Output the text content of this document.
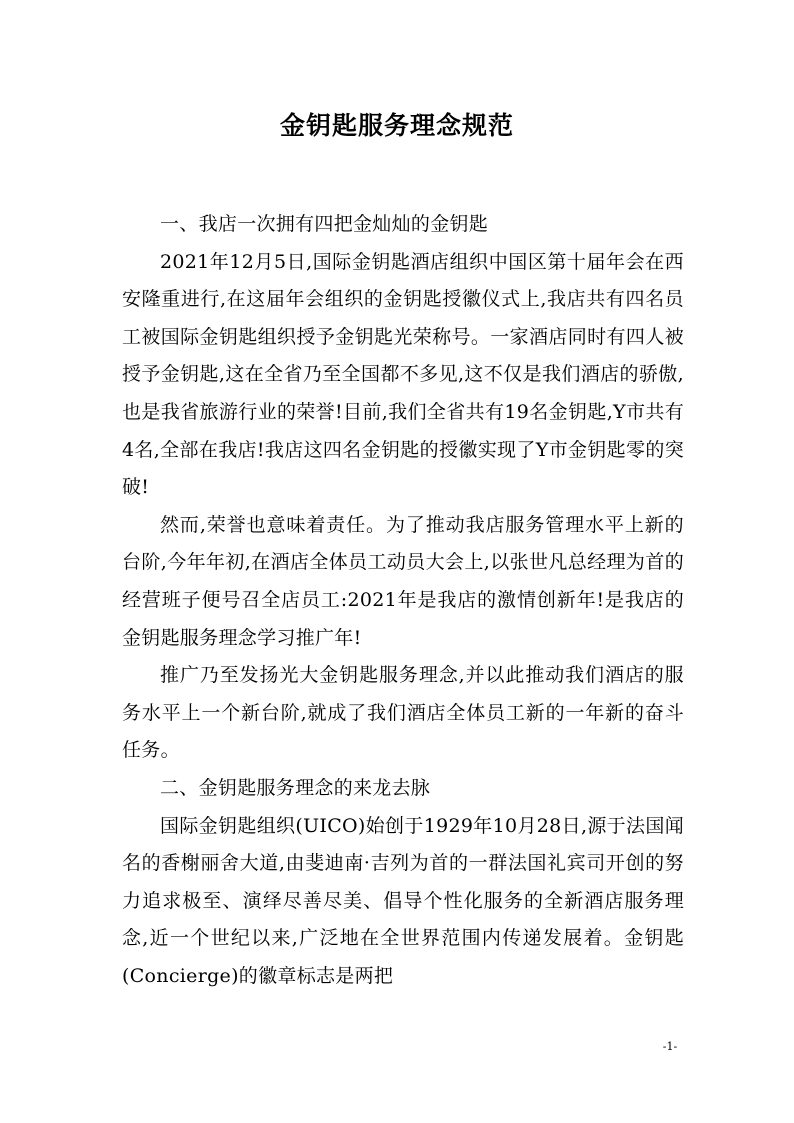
金钥匙服务理念规范

一、我店一次拥有四把金灿灿的金钥匙

2021年12月5日,国际金钥匙酒店组织中国区第十届年会在西安隆重进行,在这届年会组织的金钥匙授徽仪式上,我店共有四名员工被国际金钥匙组织授予金钥匙光荣称号。一家酒店同时有四人被授予金钥匙,这在全省乃至全国都不多见,这不仅是我们酒店的骄傲,也是我省旅游行业的荣誉!目前,我们全省共有19名金钥匙,Y市共有4名,全部在我店!我店这四名金钥匙的授徽实现了Y市金钥匙零的突破!

然而,荣誉也意味着责任。为了推动我店服务管理水平上新的台阶,今年年初,在酒店全体员工动员大会上,以张世凡总经理为首的经营班子便号召全店员工:2021年是我店的激情创新年!是我店的金钥匙服务理念学习推广年!

推广乃至发扬光大金钥匙服务理念,并以此推动我们酒店的服务水平上一个新台阶,就成了我们酒店全体员工新的一年新的奋斗任务。

二、金钥匙服务理念的来龙去脉

国际金钥匙组织(UICO)始创于1929年10月28日,源于法国闻名的香榭丽舍大道,由斐迪南·吉列为首的一群法国礼宾司开创的努力追求极至、演绎尽善尽美、倡导个性化服务的全新酒店服务理念,近一个世纪以来,广泛地在全世界范围内传递发展着。金钥匙(Concierge)的徽章标志是两把

-1-
